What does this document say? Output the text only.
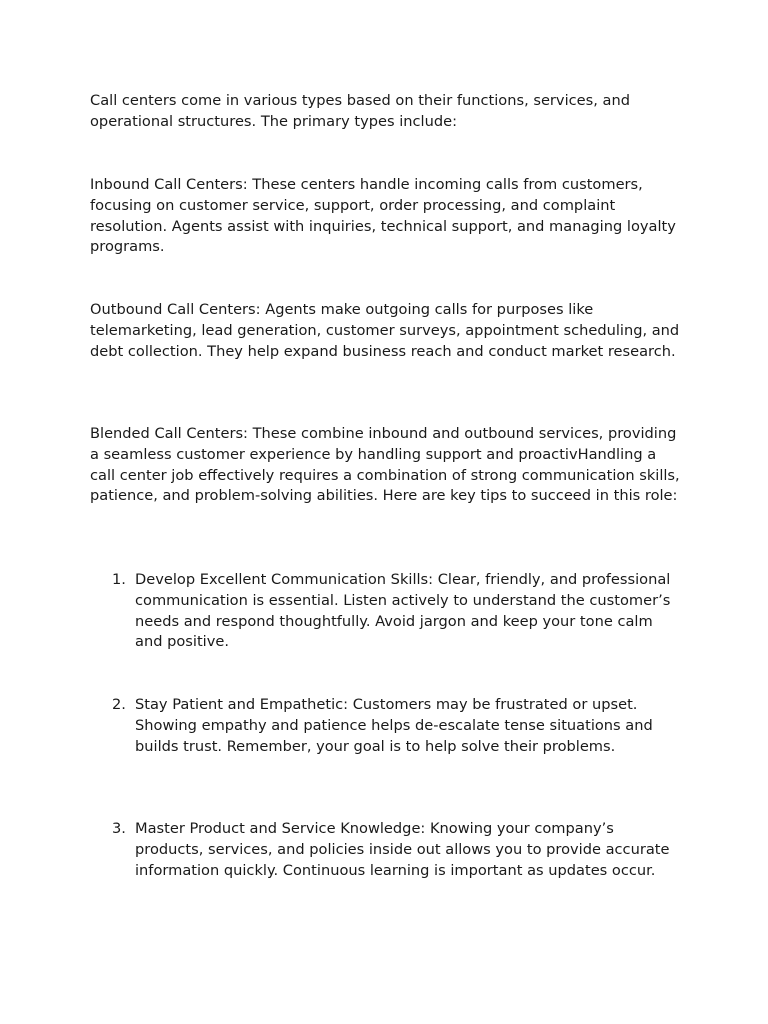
Call centers come in various types based on their functions, services, and operational structures. The primary types include:

Inbound Call Centers: These centers handle incoming calls from customers, focusing on customer service, support, order processing, and complaint resolution. Agents assist with inquiries, technical support, and managing loyalty programs.

Outbound Call Centers: Agents make outgoing calls for purposes like telemarketing, lead generation, customer surveys, appointment scheduling, and debt collection. They help expand business reach and conduct market research.

Blended Call Centers: These combine inbound and outbound services, providing a seamless customer experience by handling support and proactivHandling a call center job effectively requires a combination of strong communication skills, patience, and problem-solving abilities. Here are key tips to succeed in this role:

1. Develop Excellent Communication Skills: Clear, friendly, and professional communication is essential. Listen actively to understand the customer’s needs and respond thoughtfully. Avoid jargon and keep your tone calm and positive.
2. Stay Patient and Empathetic: Customers may be frustrated or upset. Showing empathy and patience helps de-escalate tense situations and builds trust. Remember, your goal is to help solve their problems.
3. Master Product and Service Knowledge: Knowing your company’s products, services, and policies inside out allows you to provide accurate information quickly. Continuous learning is important as updates occur.
